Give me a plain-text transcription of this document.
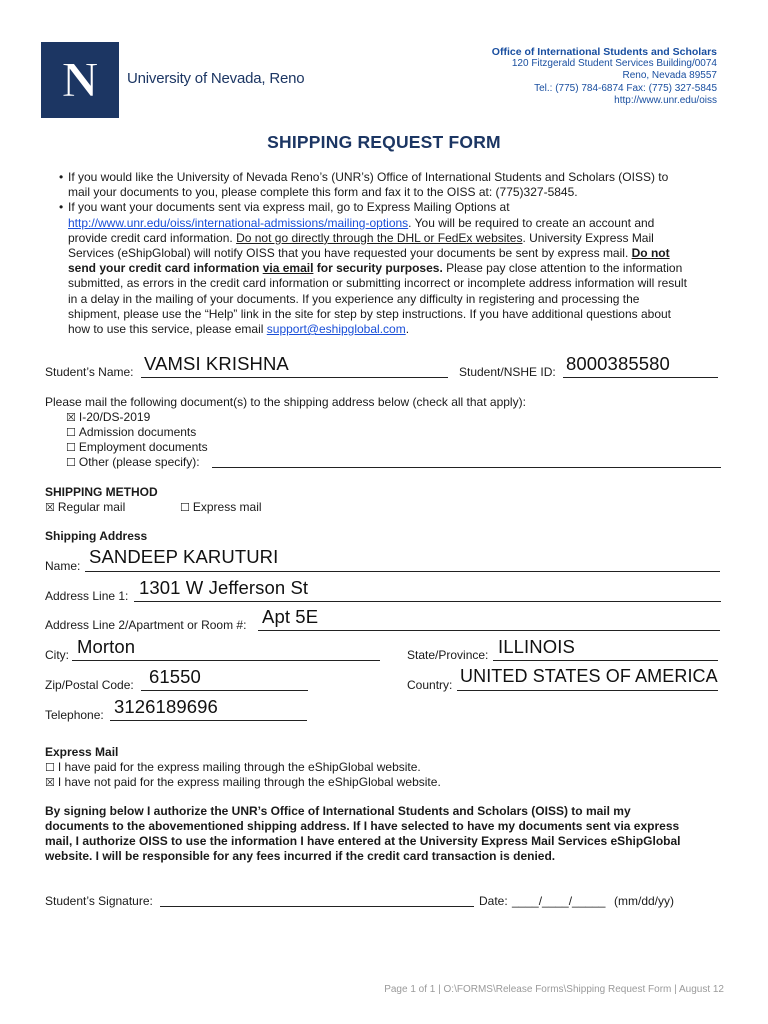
N University of Nevada, Reno
Office of International Students and Scholars
120 Fitzgerald Student Services Building/0074
Reno, Nevada 89557
Tel.: (775) 784-6874 Fax: (775) 327-5845
http://www.unr.edu/oiss
SHIPPING REQUEST FORM
• If you would like the University of Nevada Reno’s (UNR’s) Office of International Students and Scholars (OISS) to
mail your documents to you, please complete this form and fax it to the OISS at: (775)327-5845.
• If you want your documents sent via express mail, go to Express Mailing Options at
http://www.unr.edu/oiss/international-admissions/mailing-options. You will be required to create an account and
provide credit card information. Do not go directly through the DHL or FedEx websites. University Express Mail
Services (eShipGlobal) will notify OISS that you have requested your documents be sent by express mail. Do not
send your credit card information via email for security purposes. Please pay close attention to the information
submitted, as errors in the credit card information or submitting incorrect or incomplete address information will result
in a delay in the mailing of your documents. If you experience any difficulty in registering and processing the
shipment, please use the “Help” link in the site for step by step instructions. If you have additional questions about
how to use this service, please email support@eshipglobal.com.
Student’s Name: VAMSI KRISHNA	Student/NSHE ID: 8000385580
Please mail the following document(s) to the shipping address below (check all that apply):
☒ I-20/DS-2019
☐ Admission documents
☐ Employment documents
☐ Other (please specify):
SHIPPING METHOD
☒ Regular mail	☐ Express mail
Shipping Address
Name: SANDEEP KARUTURI
Address Line 1: 1301 W Jefferson St
Address Line 2/Apartment or Room #: Apt 5E
City: Morton	State/Province: ILLINOIS
Zip/Postal Code: 61550	Country: UNITED STATES OF AMERICA
Telephone: 3126189696
Express Mail
☐ I have paid for the express mailing through the eShipGlobal website.
☒ I have not paid for the express mailing through the eShipGlobal website.
By signing below I authorize the UNR’s Office of International Students and Scholars (OISS) to mail my
documents to the abovementioned shipping address. If I have selected to have my documents sent via express
mail, I authorize OISS to use the information I have entered at the University Express Mail Services eShipGlobal
website. I will be responsible for any fees incurred if the credit card transaction is denied.
Student’s Signature:	Date: ____/____/_____ (mm/dd/yy)
Page 1 of 1 | O:\FORMS\Release Forms\Shipping Request Form | August 12
